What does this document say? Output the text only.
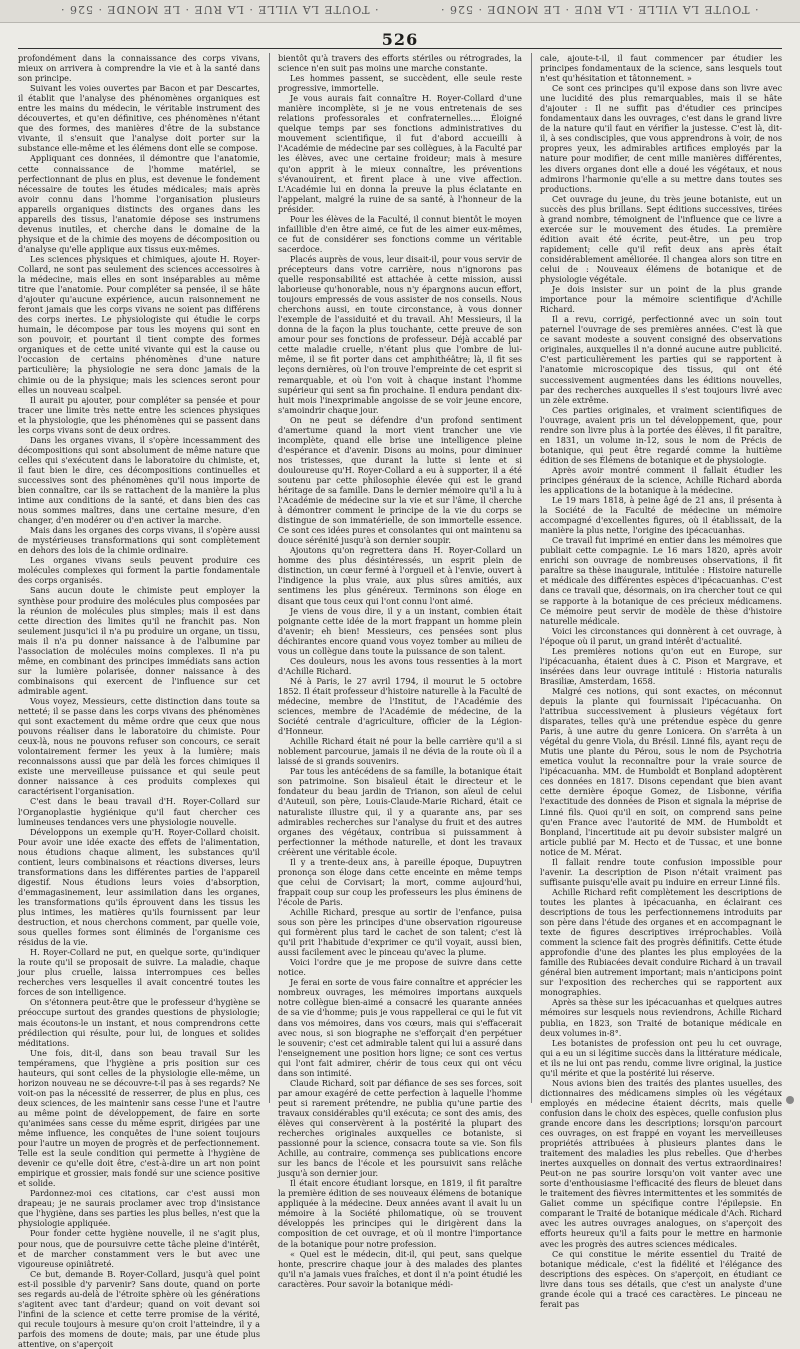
· TOUTE LA VILLE · LA RUE · LE MONDE · 526 ·	· TOUTE LA VILLE · LA RUE · LE MONDE · 526 ·
526

profondément dans la connaissance des corps vivans, mieux on arrivera à comprendre la vie et à la santé dans son principe.

Suivant les voies ouvertes par Bacon et par Descartes, il établit que l'analyse des phénomènes organiques est entre les mains du médecin, le véritable instrument des découvertes, et qu'en définitive, ces phénomènes n'étant que des formes, des manières d'être de la substance vivante, il s'ensuit que l'analyse doit porter sur la substance elle-même et les élémens dont elle se compose.

Appliquant ces données, il démontre que l'anatomie, cette connaissance de l'homme matériel, se perfectionnant de plus en plus, est devenue le fondement nécessaire de toutes les études médicales; mais après avoir connu dans l'homme l'organisation plusieurs appareils organiques distincts des organes dans les appareils des tissus, l'anatomie dépose ses instrumens devenus inutiles, et cherche dans le domaine de la physique et de la chimie des moyens de décomposition ou d'analyse qu'elle applique aux tissus eux-mêmes.

Les sciences physiques et chimiques, ajoute H. Royer-Collard, ne sont pas seulement des sciences accessoires à la médecine, mais elles en sont inséparables au même titre que l'anatomie. Pour compléter sa pensée, il se hâte d'ajouter qu'aucune expérience, aucun raisonnement ne feront jamais que les corps vivans ne soient pas différens des corps inertes. Le physiologiste qui étudie le corps humain, le décompose par tous les moyens qui sont en son pouvoir, et pourtant il tient compte des formes organiques et de cette unité vivante qui est la cause ou l'occasion de certains phénomènes d'une nature particulière; la physiologie ne sera donc jamais de la chimie ou de la physique; mais les sciences seront pour elles un nouveau scalpel.

Il aurait pu ajouter, pour compléter sa pensée et pour tracer une limite très nette entre les sciences physiques et la physiologie, que les phénomènes qui se passent dans les corps vivans sont de deux ordres.

Dans les organes vivans, il s'opère incessamment des décompositions qui sont absolument de même nature que celles qui s'exécutent dans le laboratoire du chimiste, et, il faut bien le dire, ces décompositions continuelles et successives sont des phénomènes qu'il nous importe de bien connaître, car ils se rattachent de la manière la plus intime aux conditions de la santé, et dans bien des cas nous sommes maîtres, dans une certaine mesure, d'en changer, d'en modérer ou d'en activer la marche.

Mais dans les organes des corps vivans, il s'opère aussi de mystérieuses transformations qui sont complètement en dehors des lois de la chimie ordinaire.

Les organes vivans seuls peuvent produire ces molécules complexes qui forment la partie fondamentale des corps organisés.

Sans aucun doute le chimiste peut employer la synthèse pour produire des molécules plus composées par la réunion de molécules plus simples; mais il est dans cette direction des limites qu'il ne franchit pas. Non seulement jusqu'ici il n'a pu produire un organe, un tissu, mais il n'a pu donner naissance à de l'albumine par l'association de molécules moins complexes. Il n'a pu même, en combinant des principes immédiats sans action sur la lumière polarisée, donner naissance à des combinaisons qui exercent de l'influence sur cet admirable agent.

Vous voyez, Messieurs, cette distinction dans toute sa netteté; il se passe dans les corps vivans des phénomènes qui sont exactement du même ordre que ceux que nous pouvons réaliser dans le laboratoire du chimiste. Pour ceux-là, nous ne pouvons refuser son concours, ce serait volontairement fermer les yeux à la lumière; mais reconnaissons aussi que par delà les forces chimiques il existe une merveilleuse puissance et qui seule peut donner naissance à ces produits complexes qui caractérisent l'organisation.

C'est dans le beau travail d'H. Royer-Collard sur l'Organoplastie hygiénique qu'il faut chercher ces lumineuses tendances vers une physiologie nouvelle.

Développons un exemple qu'H. Royer-Collard choisit. Pour avoir une idée exacte des effets de l'alimentation, nous étudions chaque aliment, les substances qu'il contient, leurs combinaisons et réactions diverses, leurs transformations dans les différentes parties de l'appareil digestif. Nous étudions leurs voies d'absorption, d'emmagasinement, leur assimilation dans les organes, les transformations qu'ils éprouvent dans les tissus les plus intimes, les matières qu'ils fournissent par leur destruction, et nous cherchons comment, par quelle voie, sous quelles formes sont éliminés de l'organisme ces résidus de la vie.

H. Royer-Collard ne put, en quelque sorte, qu'indiquer la route qu'il se proposait de suivre. La maladie, chaque jour plus cruelle, laissa interrompues ces belles recherches vers lesquelles il avait concentré toutes les forces de son intelligence.

On s'étonnera peut-être que le professeur d'hygiène se préoccupe surtout des grandes questions de physiologie; mais écoutons-le un instant, et nous comprendrons cette prédilection qui résulte, pour lui, de longues et solides méditations.

Une fois, dit-il, dans son beau travail Sur les tempéramens, que l'hygiène a pris position sur ces hauteurs, qui sont celles de la physiologie elle-même, un horizon nouveau ne se découvre-t-il pas à ses regards? Ne voit-on pas la nécessité de resserrer, de plus en plus, ces deux sciences, de les maintenir sans cesse l'une et l'autre au même point de développement, de faire en sorte qu'animées sans cesse du même esprit, dirigées par une même influence, les conquêtes de l'une soient toujours pour l'autre un moyen de progrès et de perfectionnement. Telle est la seule condition qui permette à l'hygiène de devenir ce qu'elle doit être, c'est-à-dire un art non point empirique et grossier, mais fondé sur une science positive et solide.

Pardonnez-moi ces citations, car c'est aussi mon drapeau; je ne saurais proclamer avec trop d'insistance que l'hygiène, dans ses parties les plus belles, n'est que la physiologie appliquée.

Pour fonder cette hygiène nouvelle, il ne s'agit plus, pour nous, que de poursuivre cette tâche pleine d'intérêt, et de marcher constamment vers le but avec une vigoureuse opiniâtreté.

Ce but, demande B. Royer-Collard, jusqu'à quel point est-il possible d'y parvenir? Sans doute, quand on porte ses regards au-delà de l'étroite sphère où les générations s'agitent avec tant d'ardeur; quand on voit devant soi l'infini de la science et cette terre promise de la vérité, qui recule toujours à mesure qu'on croit l'atteindre, il y a parfois des momens de doute; mais, par une étude plus attentive, on s'aperçoit

bientôt qu'à travers des efforts stériles ou rétrogrades, la science n'en suit pas moins une marche constante.

Les hommes passent, se succèdent, elle seule reste progressive, immortelle.

Je vous aurais fait connaître H. Royer-Collard d'une manière incomplète, si je ne vous entretenais de ses relations professorales et confraternelles.... Éloigné quelque temps par ses fonctions administratives du mouvement scientifique, il fut d'abord accueilli à l'Académie de médecine par ses collègues, à la Faculté par les élèves, avec une certaine froideur; mais à mesure qu'on apprit à le mieux connaître, les préventions s'évanouirent, et firent place à une vive affection. L'Académie lui en donna la preuve la plus éclatante en l'appelant, malgré la ruine de sa santé, à l'honneur de la présider.

Pour les élèves de la Faculté, il connut bientôt le moyen infaillible d'en être aimé, ce fut de les aimer eux-mêmes, ce fut de considérer ses fonctions comme un véritable sacerdoce.

Placés auprès de vous, leur disait-il, pour vous servir de précepteurs dans votre carrière, nous n'ignorons pas quelle responsabilité est attachée à cette mission, aussi laborieuse qu'honorable, nous n'y épargnons aucun effort, toujours empressés de vous assister de nos conseils. Nous cherchons aussi, en toute circonstance, à vous donner l'exemple de l'assiduité et du travail. Ah! Messieurs, il la donna de la façon la plus touchante, cette preuve de son amour pour ses fonctions de professeur. Déjà accablé par cette maladie cruelle, n'étant plus que l'ombre de lui-même, il se fit porter dans cet amphithéâtre; là, il fit ses leçons dernières, où l'on trouve l'empreinte de cet esprit si remarquable, et où l'on voit à chaque instant l'homme supérieur qui sent sa fin prochaine. Il endura pendant dix-huit mois l'inexprimable angoisse de se voir jeune encore, s'amoindrir chaque jour.

On ne peut se défendre d'un profond sentiment d'amertume quand la mort vient trancher une vie incomplète, quand elle brise une intelligence pleine d'espérance et d'avenir. Disons au moins, pour diminuer nos tristesses, que durant la lutte si lente et si douloureuse qu'H. Royer-Collard a eu à supporter, il a été soutenu par cette philosophie élevée qui est le grand héritage de sa famille. Dans le dernier mémoire qu'il a lu à l'Académie de médecine sur la vie et sur l'âme, il cherche à démontrer comment le principe de la vie du corps se distingue de son immatérielle, de son immortelle essence. Ce sont ces idées pures et consolantes qui ont maintenu sa douce sérénité jusqu'à son dernier soupir.

Ajoutons qu'on regrettera dans H. Royer-Collard un homme des plus désintéressés, un esprit plein de distinction, un cœur fermé à l'orgueil et à l'envie, ouvert à l'indigence la plus vraie, aux plus sûres amitiés, aux sentimens les plus généreux. Terminons son éloge en disant que tous ceux qui l'ont connu l'ont aimé.

Je viens de vous dire, il y a un instant, combien était poignante cette idée de la mort frappant un homme plein d'avenir; eh bien! Messieurs, ces pensées sont plus déchirantes encore quand vous voyez tomber au milieu de vous un collègue dans toute la puissance de son talent.

Ces douleurs, nous les avons tous ressenties à la mort d'Achille Richard.

Né à Paris, le 27 avril 1794, il mourut le 5 octobre 1852. Il était professeur d'histoire naturelle à la Faculté de médecine, membre de l'Institut, de l'Académie des sciences, membre de l'Académie de médecine, de la Société centrale d'agriculture, officier de la Légion-d'Honneur.

Achille Richard était né pour la belle carrière qu'il a si noblement parcourue, jamais il ne dévia de la route où il a laissé de si grands souvenirs.

Par tous les antécédens de sa famille, la botanique était son patrimoine. Son bisaïeul était le directeur et le fondateur du beau jardin de Trianon, son aïeul de celui d'Auteuil, son père, Louis-Claude-Marie Richard, était ce naturaliste illustre qui, il y a quarante ans, par ses admirables recherches sur l'analyse du fruit et des autres organes des végétaux, contribua si puissamment à perfectionner la méthode naturelle, et dont les travaux créèrent une véritable école.

Il y a trente-deux ans, à pareille époque, Dupuytren prononça son éloge dans cette enceinte en même temps que celui de Corvisart; la mort, comme aujourd'hui, frappait coup sur coup les professeurs les plus éminens de l'école de Paris.

Achille Richard, presque au sortir de l'enfance, puisa sous son père les principes d'une observation rigoureuse qui formèrent plus tard le cachet de son talent; c'est là qu'il prit l'habitude d'exprimer ce qu'il voyait, aussi bien, aussi facilement avec le pinceau qu'avec la plume.

Voici l'ordre que je me propose de suivre dans cette notice.

Je ferai en sorte de vous faire connaître et apprécier les nombreux ouvrages, les mémoires importans auxquels notre collègue bien-aimé a consacré les quarante années de sa vie d'homme; puis je vous rappellerai ce qui le fut vit dans vos mémoires, dans vos cœurs, mais qui s'effacerait avec nous, si son biographe ne s'efforçait d'en perpétuer le souvenir; c'est cet admirable talent qui lui a assuré dans l'enseignement une position hors ligne; ce sont ces vertus qui l'ont fait admirer, chérir de tous ceux qui ont vécu dans son intimité.

Claude Richard, soit par défiance de ses ses forces, soit par amour exagéré de cette perfection à laquelle l'homme peut si rarement prétendre, ne publia qu'une partie des travaux considérables qu'il exécuta; ce sont des amis, des élèves qui conservèrent à la postérité la plupart des recherches originales auxquelles ce botaniste, si passionné pour la science, consacra toute sa vie. Son fils Achille, au contraire, commença ses publications encore sur les bancs de l'école et les poursuivit sans relâche jusqu'à son dernier jour.

Il était encore étudiant lorsque, en 1819, il fit paraître la première édition de ses nouveaux élémens de botanique appliquée à la médecine. Deux années avant il avait lu un mémoire à la Société philomatique, où se trouvent développés les principes qui le dirigèrent dans la composition de cet ouvrage, et où il montre l'importance de la botanique pour notre profession.

« Quel est le médecin, dit-il, qui peut, sans quelque honte, prescrire chaque jour à des malades des plantes qu'il n'a jamais vues fraîches, et dont il n'a point étudié les caractères. Pour savoir la botanique médi-

cale, ajoute-t-il, il faut commencer par étudier les principes fondamentaux de la science, sans lesquels tout n'est qu'hésitation et tâtonnement. »

Ce sont ces principes qu'il expose dans son livre avec une lucidité des plus remarquables, mais il se hâte d'ajouter : Il ne suffit pas d'étudier ces principes fondamentaux dans les ouvrages, c'est dans le grand livre de la nature qu'il faut en vérifier la justesse. C'est là, dit-il, à ses condisciples, que vous apprendrons à voir, de nos propres yeux, les admirables artifices employés par la nature pour modifier, de cent mille manières différentes, les divers organes dont elle a doué les végétaux, et nous admirons l'harmonie qu'elle a su mettre dans toutes ses productions.

Cet ouvrage du jeune, du très jeune botaniste, eut un succès des plus brillans. Sept éditions successives, tirées à grand nombre, témoignent de l'influence que ce livre a exercée sur le mouvement des études. La première édition avait été écrite, peut-être, un peu trop rapidement; celle qu'il refit deux ans après était considérablement améliorée. Il changea alors son titre en celui de : Nouveaux élémens de botanique et de physiologie végétale.

Je dois insister sur un point de la plus grande importance pour la mémoire scientifique d'Achille Richard.

Il a revu, corrigé, perfectionné avec un soin tout paternel l'ouvrage de ses premières années. C'est là que ce savant modeste a souvent consigné des observations originales, auxquelles il n'a donné aucune autre publicité. C'est particulièrement les parties qui se rapportent à l'anatomie microscopique des tissus, qui ont été successivement augmentées dans les éditions nouvelles, par des recherches auxquelles il s'est toujours livré avec un zèle extrême.

Ces parties originales, et vraiment scientifiques de l'ouvrage, avaient pris un tel développement, que, pour rendre son livre plus à la portée des élèves, il fit paraître, en 1831, un volume in-12, sous le nom de Précis de botanique, qui peut être regardé comme la huitième édition de ses Élémens de botanique et de physiologie.

Après avoir montré comment il fallait étudier les principes généraux de la science, Achille Richard aborda les applications de la botanique à la médecine.

Le 19 mars 1818, à peine âgé de 21 ans, il présenta à la Société de la Faculté de médecine un mémoire accompagné d'excellentes figures, où il établissait, de la manière la plus nette, l'origine des ipécacuanhas.

Ce travail fut imprimé en entier dans les mémoires que publiait cette compagnie. Le 16 mars 1820, après avoir enrichi son ouvrage de nombreuses observations, il fit paraître sa thèse inaugurale, intitulée : Histoire naturelle et médicale des différentes espèces d'ipécacuanhas. C'est dans ce travail que, désormais, on ira chercher tout ce qui se rapporte à la botanique de ces précieux médicamens. Ce mémoire peut servir de modèle de thèse d'histoire naturelle médicale.

Voici les circonstances qui donnèrent à cet ouvrage, à l'époque où il parut, un grand intérêt d'actualité.

Les premières notions qu'on eut en Europe, sur l'ipécacuanha, étaient dues à C. Pison et Margrave, et insérées dans leur ouvrage intitulé : Historia naturalis Brasiliæ, Amsterdam, 1658.

Malgré ces notions, qui sont exactes, on méconnut depuis la plante qui fournissait l'ipécacuanha. On l'attribua successivement à plusieurs végétaux fort disparates, telles qu'à une prétendue espèce du genre Paris, à une autre du genre Lonicera. On s'arrêta à un végétal du genre Viola, du Brésil. Linné fils, ayant reçu de Mutis une plante du Pérou, sous le nom de Psychotria emetica voulut la reconnaître pour la vraie source de l'ipécacuanha. MM. de Humboldt et Bonpland adoptèrent ces données en 1817. Disons cependant que bien avant cette dernière époque Gomez, de Lisbonne, vérifia l'exactitude des données de Pison et signala la méprise de Linné fils. Quoi qu'il en soit, on comprend sans peine qu'en France avec l'autorité de MM. de Humboldt et Bonpland, l'incertitude ait pu devoir subsister malgré un article publié par M. Hecto et de Tussac, et une bonne notice de M. Mérat.

Il fallait rendre toute confusion impossible pour l'avenir. La description de Pison n'était vraiment pas suffisante puisqu'elle avait pu induire en erreur Linné fils.

Achille Richard refit complètement les descriptions de toutes les plantes à ipécacuanha, en éclairant ces descriptions de tous les perfectionnemens introduits par son père dans l'étude des organes et en accompagnant le texte de figures descriptives irréprochables. Voilà comment la science fait des progrès définitifs. Cette étude approfondie d'une des plantes les plus employées de la famille des Rubiacées devait conduire Richard à un travail général bien autrement important; mais n'anticipons point sur l'exposition des recherches qui se rapportent aux monographies.

Après sa thèse sur les ipécacuanhas et quelques autres mémoires sur lesquels nous reviendrons, Achille Richard publia, en 1823, son Traité de botanique médicale en deux volumes in-8°.

Les botanistes de profession ont peu lu cet ouvrage, qui a eu un si légitime succès dans la littérature médicale, et ils ne lui ont pas rendu, comme livre original, la justice qu'il mérite et que la postérité lui réserve.

Nous avions bien des traités des plantes usuelles, des dictionnaires des médicamens simples où les végétaux employés en médecine étaient décrits, mais quelle confusion dans le choix des espèces, quelle confusion plus grande encore dans les descriptions; lorsqu'on parcourt ces ouvrages, on est frappé en voyant les merveilleuses propriétés attribuées à plusieurs plantes dans le traitement des maladies les plus rebelles. Que d'herbes inertes auxquelles on donnait des vertus extraordinaires! Peut-on ne pas sourire lorsqu'on voit vanter avec une sorte d'enthousiasme l'efficacité des fleurs de bleuet dans le traitement des fièvres intermittentes et les sommités de Galiet comme un spécifique contre l'épilepsie. En comparant le Traité de botanique médicale d'Ach. Richard avec les autres ouvrages analogues, on s'aperçoit des efforts heureux qu'il a faits pour le mettre en harmonie avec les progrès des autres sciences médicales.

Ce qui constitue le mérite essentiel du Traité de botanique médicale, c'est la fidélité et l'élégance des descriptions des espèces. On s'aperçoit, en étudiant ce livre dans tous ses détails, que c'est un analyste d'une grande école qui a tracé ces caractères. Le pinceau ne ferait pas
